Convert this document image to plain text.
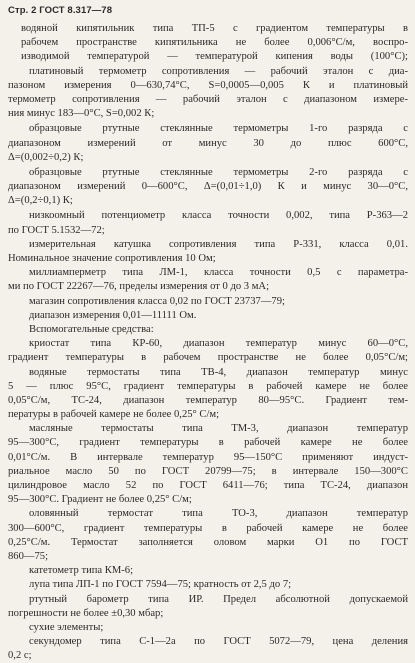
Стр. 2 ГОСТ 8.317—78
водяной кипятильник типа ТП-5 с градиентом температуры в
рабочем пространстве кипятильника не более 0,006°С/м, воспро-
изводимой температурой — температурой кипения воды (100°С);
платиновый термометр сопротивления — рабочий эталон с диа-
пазоном измерения 0—630,74°С, S=0,0005—0,005 К и платиновый
термометр сопротивления — рабочий эталон с диапазоном измере-
ния минус 183—0°С, S=0,002 К;
образцовые ртутные стеклянные термометры 1-го разряда с
диапазоном измерений от минус 30 до плюс 600°С,
Δ=(0,002÷0,2) К;
образцовые ртутные стеклянные термометры 2-го разряда с
диапазоном измерений 0—600°С, Δ=(0,01÷1,0) К и минус 30—0°С,
Δ=(0,2÷0,1) К;
низкоомный потенциометр класса точности 0,002, типа Р-363—2
по ГОСТ 5.1532—72;
измерительная катушка сопротивления типа Р-331, класса 0,01.
Номинальное значение сопротивления 10 Ом;
миллиамперметр типа ЛМ-1, класса точности 0,5 с параметра-
ми по ГОСТ 22267—76, пределы измерения от 0 до 3 мА;
магазин сопротивления класса 0,02 по ГОСТ 23737—79;
диапазон измерения 0,01—11111 Ом.
Вспомогательные средства:
криостат типа КР-60, диапазон температур минус 60—0°С,
градиент температуры в рабочем пространстве не более 0,05°С/м;
водяные термостаты типа ТВ-4, диапазон температур минус
5 — плюс 95°С, градиент температуры в рабочей камере не более
0,05°С/м, ТС-24, диапазон температур 80—95°С. Градиент тем-
пературы в рабочей камере не более 0,25° С/м;
масляные термостаты типа ТМ-3, диапазон температур
95—300°С, градиент температуры в рабочей камере не более
0,01°С/м. В интервале температур 95—150°С применяют индуст-
риальное масло 50 по ГОСТ 20799—75; в интервале 150—300°С
цилиндровое масло 52 по ГОСТ 6411—76; типа ТС-24, диапазон
95—300°С. Градиент не более 0,25° С/м;
оловянный термостат типа ТО-3, диапазон температур
300—600°С, градиент температуры в рабочей камере не более
0,25°С/м. Термостат заполняется оловом марки О1 по ГОСТ
860—75;
катетометр типа КМ-6;
лупа типа ЛП-1 по ГОСТ 7594—75; кратность от 2,5 до 7;
ртутный барометр типа ИР. Предел абсолютной допускаемой
погрешности не более ±0,30 мбар;
сухие элементы;
секундомер типа С-1—2а по ГОСТ 5072—79, цена деления
0,2 с;
